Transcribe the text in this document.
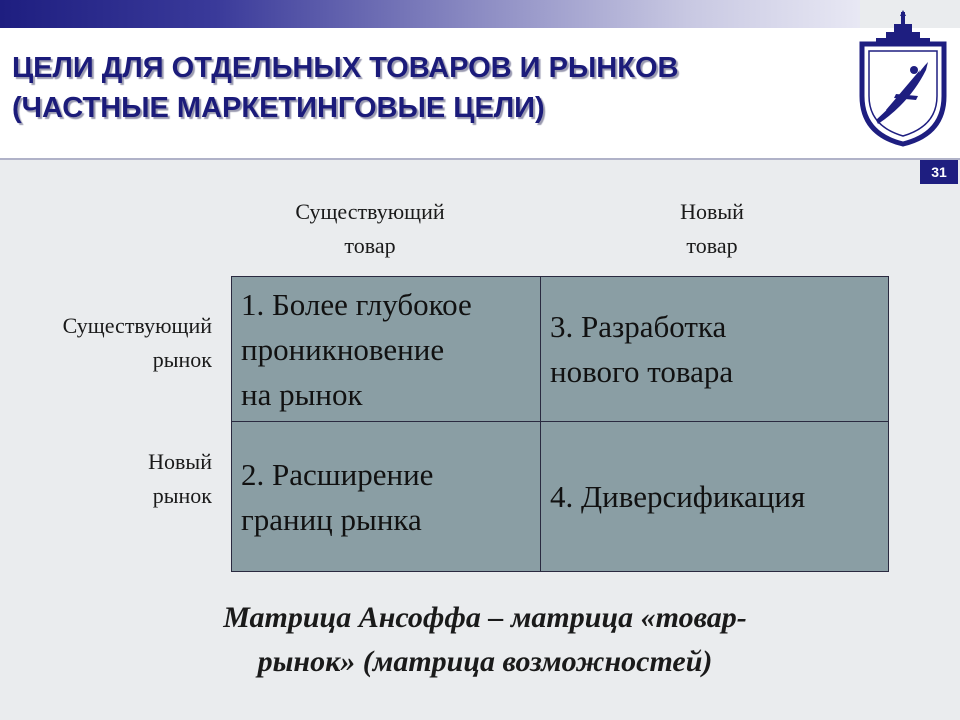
ЦЕЛИ ДЛЯ ОТДЕЛЬНЫХ ТОВАРОВ И РЫНКОВ
(ЧАСТНЫЕ МАРКЕТИНГОВЫЕ ЦЕЛИ)
31
Существующий
товар
Новый
товар
Существующий
рынок
Новый
рынок
1. Более глубокое
проникновение
на рынок
3. Разработка
нового товара
2. Расширение
границ рынка
4. Диверсификация
Матрица Ансоффа – матрица «товар-
рынок» (матрица возможностей)
